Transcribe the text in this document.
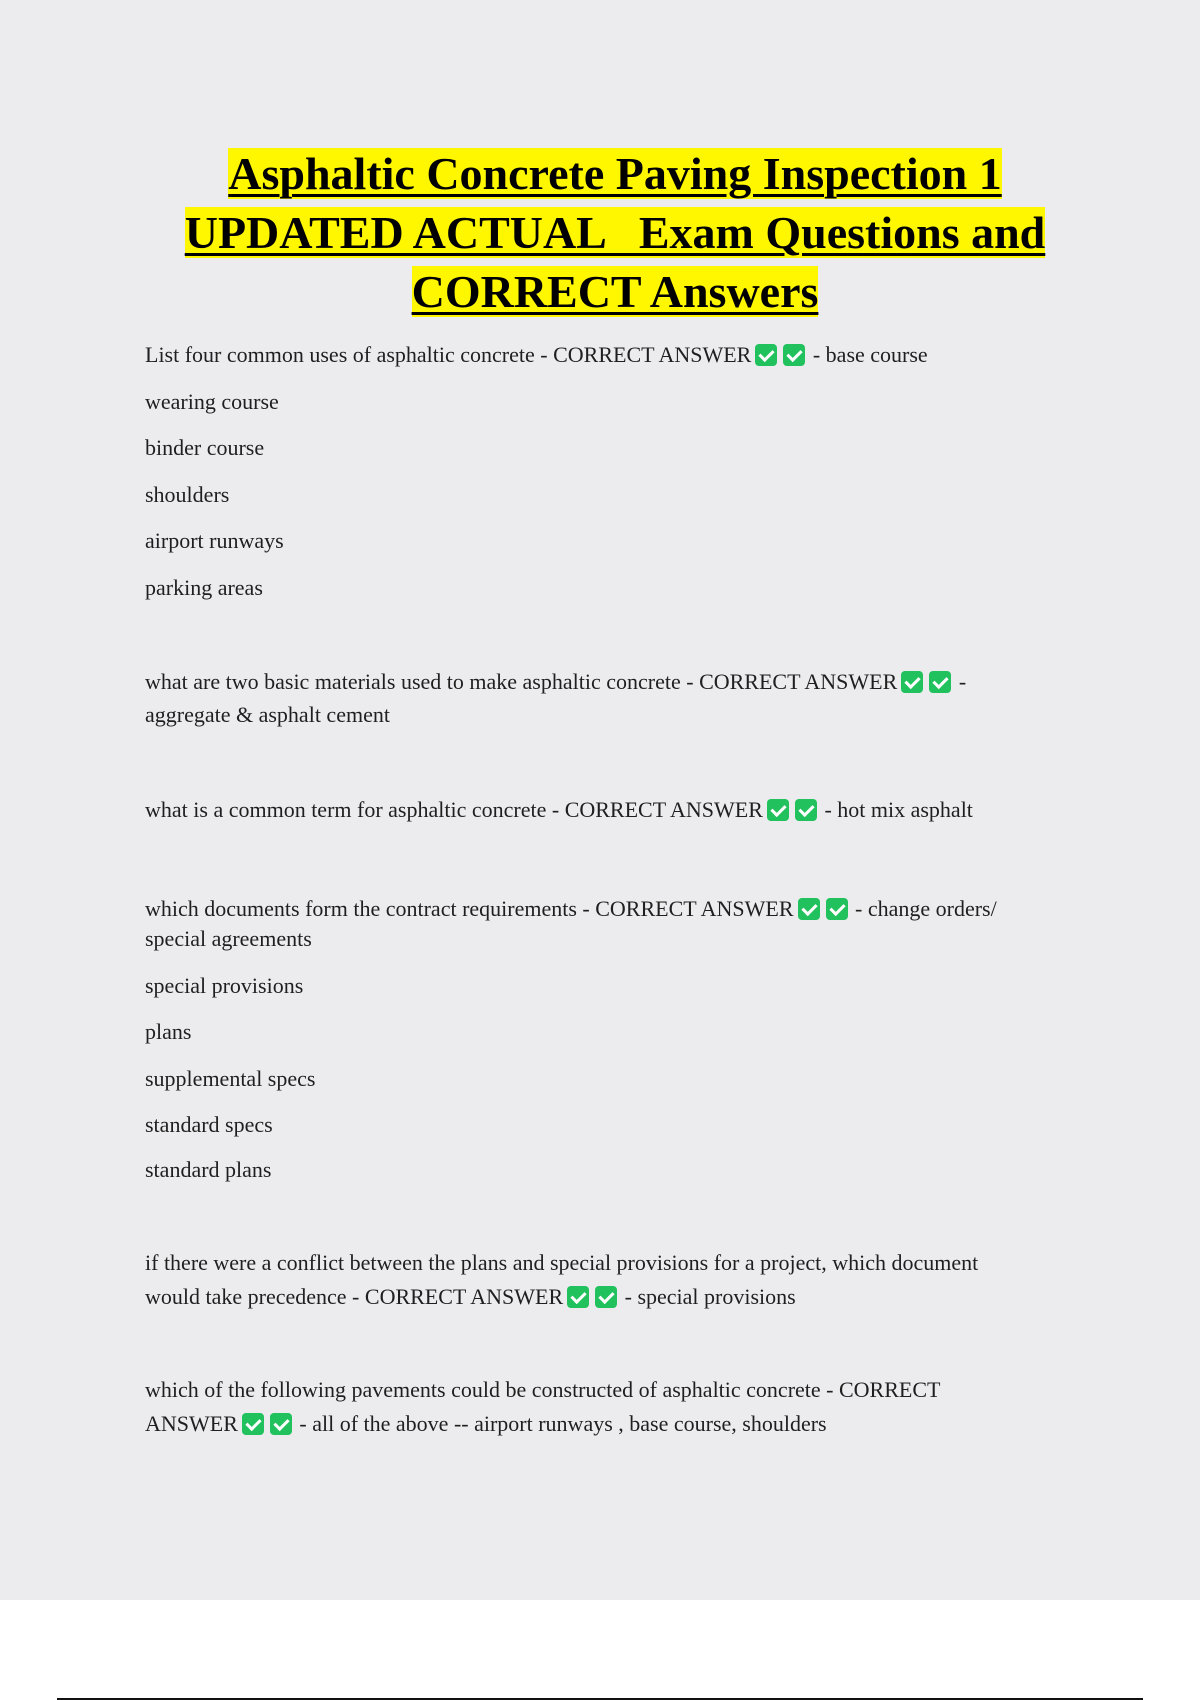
Asphaltic Concrete Paving Inspection 1
UPDATED ACTUAL   Exam Questions and
CORRECT Answers
List four common uses of asphaltic concrete - CORRECT ANSWER	- base course
wearing course
binder course
shoulders
airport runways
parking areas
what are two basic materials used to make asphaltic concrete - CORRECT ANSWER	-
aggregate & asphalt cement
what is a common term for asphaltic concrete - CORRECT ANSWER	- hot mix asphalt
which documents form the contract requirements - CORRECT ANSWER	- change orders/
special agreements
special provisions
plans
supplemental specs
standard specs
standard plans
if there were a conflict between the plans and special provisions for a project, which document
would take precedence - CORRECT ANSWER	- special provisions
which of the following pavements could be constructed of asphaltic concrete - CORRECT
ANSWER	- all of the above -- airport runways , base course, shoulders
